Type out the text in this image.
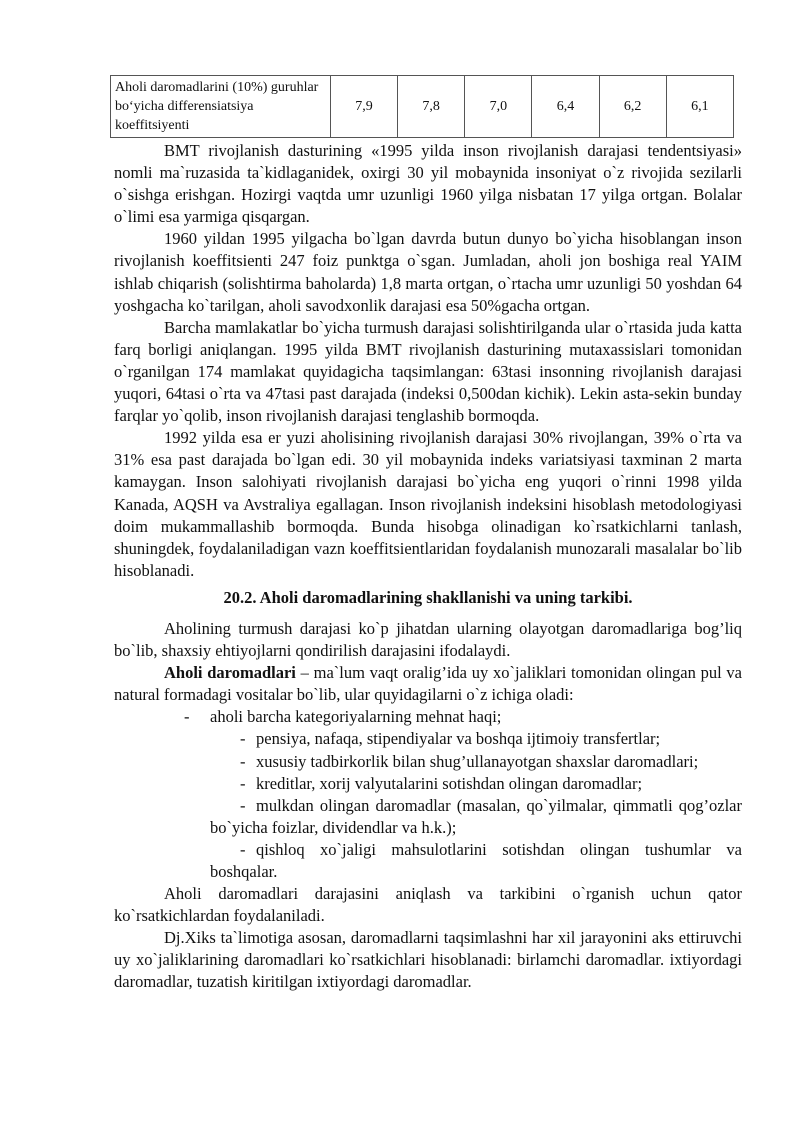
Aholi daromadlarini (10%) guruhlar bo‘yicha differensiatsiya koeffitsiyenti	7,9	7,8	7,0	6,4	6,2	6,1

BMT rivojlanish dasturining «1995 yilda inson rivojlanish darajasi tendentsiyasi» nomli ma`ruzasida ta`kidlaganidek, oxirgi 30 yil mobaynida insoniyat o`z rivojida sezilarli o`sishga erishgan. Hozirgi vaqtda umr uzunligi 1960 yilga nisbatan 17 yilga ortgan. Bolalar o`limi esa yarmiga qisqargan.

1960 yildan 1995 yilgacha bo`lgan davrda butun dunyo bo`yicha hisoblangan inson rivojlanish koeffitsienti 247 foiz punktga o`sgan. Jumladan, aholi jon boshiga real YAIM ishlab chiqarish (solishtirma baholarda) 1,8 marta ortgan, o`rtacha umr uzunligi 50 yoshdan 64 yoshgacha ko`tarilgan, aholi savodxonlik darajasi esa 50%gacha ortgan.

Barcha mamlakatlar bo`yicha turmush darajasi solishtirilganda ular o`rtasida juda katta farq borligi aniqlangan. 1995 yilda BMT rivojlanish dasturining mutaxassislari tomonidan o`rganilgan 174 mamlakat quyidagicha taqsimlangan: 63tasi insonning rivojlanish darajasi yuqori, 64tasi o`rta va 47tasi past darajada (indeksi 0,500dan kichik). Lekin asta-sekin bunday farqlar yo`qolib, inson rivojlanish darajasi tenglashib bormoqda.

1992 yilda esa er yuzi aholisining rivojlanish darajasi 30% rivojlangan, 39% o`rta va 31% esa past darajada bo`lgan edi. 30 yil mobaynida indeks variatsiyasi taxminan 2 marta kamaygan. Inson salohiyati rivojlanish darajasi bo`yicha eng yuqori o`rinni 1998 yilda Kanada, AQSH va Avstraliya egallagan. Inson rivojlanish indeksini hisoblash metodologiyasi doim mukammallashib bormoqda. Bunda hisobga olinadigan ko`rsatkichlarni tanlash, shuningdek, foydalaniladigan vazn koeffitsientlaridan foydalanish munozarali masalalar bo`lib hisoblanadi.

20.2. Aholi daromadlarining shakllanishi va uning tarkibi.

Aholining turmush darajasi ko`p jihatdan ularning olayotgan daromadlariga bog’liq bo`lib, shaxsiy ehtiyojlarni qondirilish darajasini ifodalaydi.

Aholi daromadlari – ma`lum vaqt oralig’ida uy xo`jaliklari tomonidan olingan pul va natural formadagi vositalar bo`lib, ular quyidagilarni o`z ichiga oladi:

- aholi barcha kategoriyalarning mehnat haqi;
- pensiya, nafaqa, stipendiyalar va boshqa ijtimoiy transfertlar;
- xususiy tadbirkorlik bilan shug’ullanayotgan shaxslar daromadlari;
- kreditlar, xorij valyutalarini sotishdan olingan daromadlar;
- mulkdan olingan daromadlar (masalan, qo`yilmalar, qimmatli qog’ozlar bo`yicha foizlar, dividendlar va h.k.);
- qishloq xo`jaligi mahsulotlarini sotishdan olingan tushumlar va boshqalar.

Aholi daromadlari darajasini aniqlash va tarkibini o`rganish uchun qator ko`rsatkichlardan foydalaniladi.

Dj.Xiks ta`limotiga asosan, daromadlarni taqsimlashni har xil jarayonini aks ettiruvchi uy xo`jaliklarining daromadlari ko`rsatkichlari hisoblanadi: birlamchi daromadlar. ixtiyordagi daromadlar, tuzatish kiritilgan ixtiyordagi daromadlar.
